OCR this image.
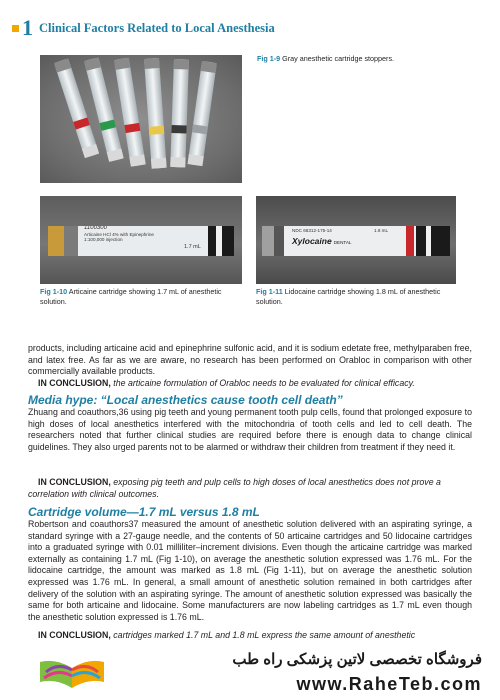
1 Clinical Factors Related to Local Anesthesia
Fig 1-9 Gray anesthetic cartridge stoppers.
1100300
Articaine HCl 4% with Epinephrine
1:100,000 injection
1.7 mL
Fig 1-10 Articaine cartridge showing 1.7 mL of anesthetic solution.
NDC 66312-175-14	1.8 mL
Xylocaine DENTAL
Fig 1-11 Lidocaine cartridge showing 1.8 mL of anesthetic solution.

products, including articaine acid and epinephrine sulfonic acid, and it is sodium edetate free, methylparaben free, and latex free. As far as we are aware, no research has been performed on Orabloc in comparison with other commercially available products.

IN CONCLUSION, the articaine formulation of Orabloc needs to be evaluated for clinical efficacy.

Media hype: “Local anesthetics cause tooth cell death”

Zhuang and coauthors,36 using pig teeth and young permanent tooth pulp cells, found that prolonged exposure to high doses of local anesthetics interfered with the mitochondria of tooth cells and led to cell death. The researchers noted that further clinical studies are required before there is enough data to change clinical guidelines. They also urged parents not to be alarmed or withdraw their children from treatment if they need it.

IN CONCLUSION, exposing pig teeth and pulp cells to high doses of local anesthetics does not prove a correlation with clinical outcomes.

Cartridge volume—1.7 mL versus 1.8 mL

Robertson and coauthors37 measured the amount of anesthetic solution delivered with an aspirating syringe, a standard syringe with a 27-gauge needle, and the contents of 50 articaine cartridges and 50 lidocaine cartridges into a graduated syringe with 0.01 milliliter–increment divisions. Even though the articaine cartridge was marked externally as containing 1.7 mL (Fig 1-10), on average the anesthetic solution expressed was 1.76 mL. For the lidocaine cartridge, the amount was marked as 1.8 mL (Fig 1-11), but on average the anesthetic solution expressed was 1.76 mL. In general, a small amount of anesthetic solution remained in both cartridges after delivery of the solution with an aspirating syringe. The amount of anesthetic solution expressed was basically the same for both articaine and lidocaine. Some manufacturers are now labeling cartridges as 1.7 mL even though the anesthetic solution expressed is 1.76 mL.

IN CONCLUSION, cartridges marked 1.7 mL and 1.8 mL express the same amount of anesthetic

فروشگاه تخصصی لاتین پزشکی راه طب
www.RaheTeb.com
